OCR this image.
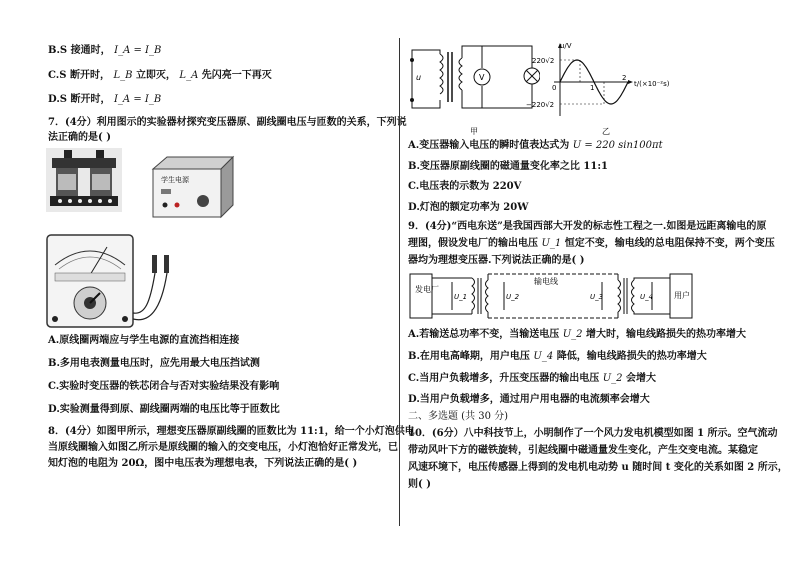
B.S 接通时， I_A = I_B
C.S 断开时， L_B 立即灭， L_A 先闪亮一下再灭
D.S 断开时， I_A = I_B
7．(4分）利用图示的实验器材探究变压器原、副线圈电压与匝数的关系，下列说
法正确的是( )
学生电源
A.原线圈两端应与学生电源的直流挡相连接
B.多用电表测量电压时，应先用最大电压挡试测
C.实验时变压器的铁芯闭合与否对实验结果没有影响
D.实验测量得到原、副线圈两端的电压比等于匝数比
8．(4分）如图甲所示，理想变压器原副线圈的匝数比为 11:1，给一个小灯泡供电
当原线圈输入如图乙所示是原线圈的输入的交变电压，小灯泡恰好正常发光，已
知灯泡的电阻为 20Ω，图中电压表为理想电表，下列说法正确的是( )
V
u
甲
u/V
t/(×10⁻²s)
220√2
−220√2
0	1
2
乙
A.变压器输入电压的瞬时值表达式为 U = 220 sin100πt
B.变压器原副线圈的磁通量变化率之比 11:1
C.电压表的示数为 220V
D.灯泡的额定功率为 20W
9．(4分)“西电东送”是我国西部大开发的标志性工程之一.如图是远距离输电的原
理图，假设发电厂的输出电压 U_1 恒定不变，输电线的总电阻保持不变，两个变压
器均为理想变压器.下列说法正确的是( )
发电厂
输电线
用户
U_1	U_2	U_3	U_4
A.若输送总功率不变，当输送电压 U_2 增大时，输电线路损失的热功率增大
B.在用电高峰期，用户电压 U_4 降低，输电线路损失的热功率增大
C.当用户负载增多，升压变压器的输出电压 U_2 会增大
D.当用户负载增多，通过用户用电器的电流频率会增大
二、多选题 (共 30 分)
10．(6分）八中科技节上，小明制作了一个风力发电机模型如图 1 所示。空气流动
带动风叶下方的磁铁旋转，引起线圈中磁通量发生变化，产生交变电流。某稳定
风速环境下，电压传感器上得到的发电机电动势 u 随时间 t 变化的关系如图 2 所示，
则( )
